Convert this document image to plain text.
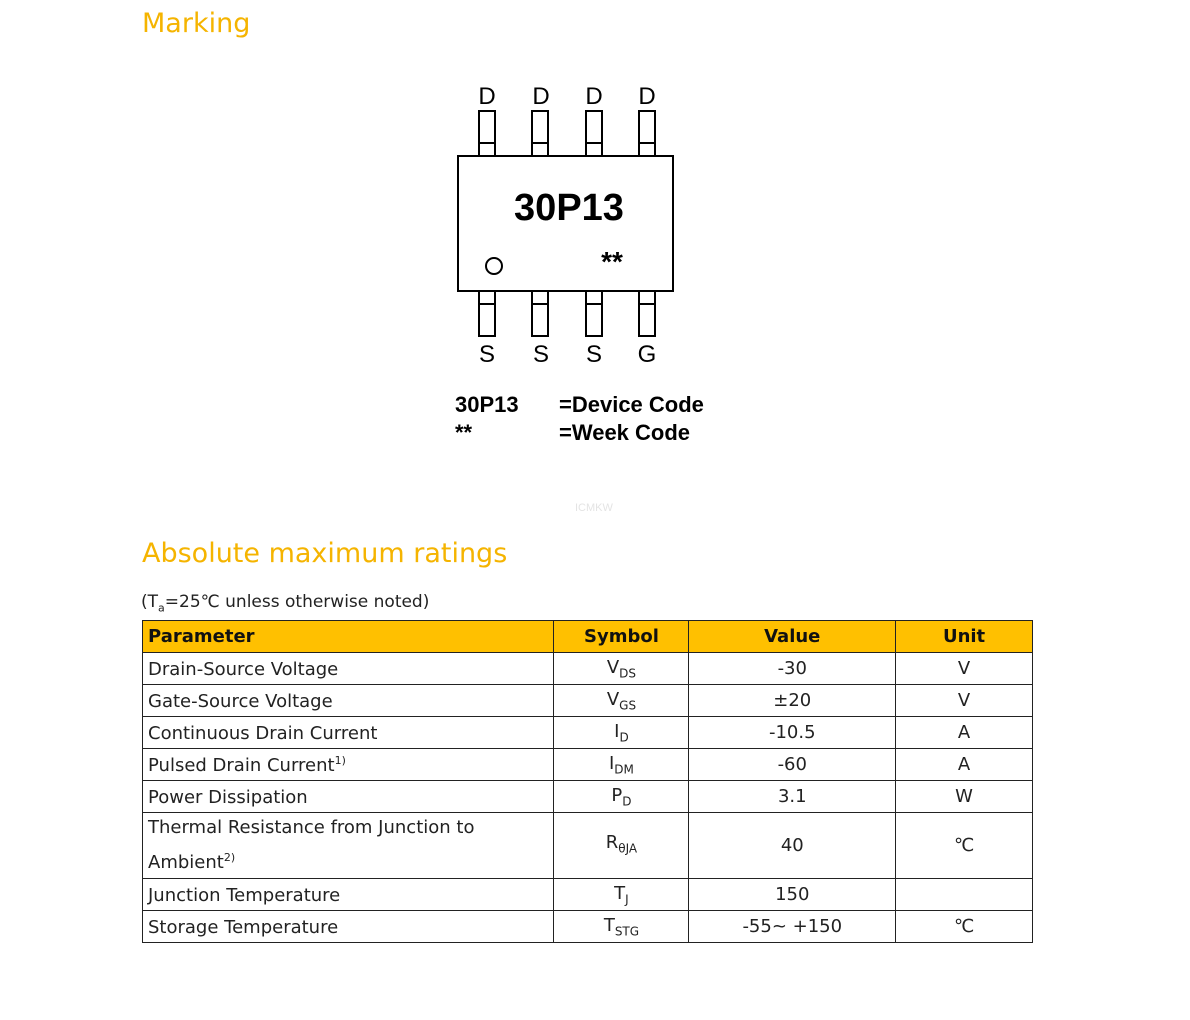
Marking
D D D D
30P13
**
S S S G
30P13 =Device Code
**	=Week Code
ICMKW
Absolute maximum ratings
($T_a=25℃$ unless otherwise noted)
Parameter	Symbol	Value	Unit
Drain-Source Voltage	$V_{DS}$	-30	V
Gate-Source Voltage	$V_{GS}$	±20	V
Continuous Drain Current	$I_D$	-10.5	A
Pulsed Drain Current$^{1)}$	$I_{DM}$	-60	A
Power Dissipation	$P_D$	3.1	W
Thermal Resistance from Junction to Ambient$^{2)}$	$R_{\theta JA}$	40	℃
Junction Temperature	$T_J$	150	
Storage Temperature	$T_{STG}$	-55~ +150	℃
